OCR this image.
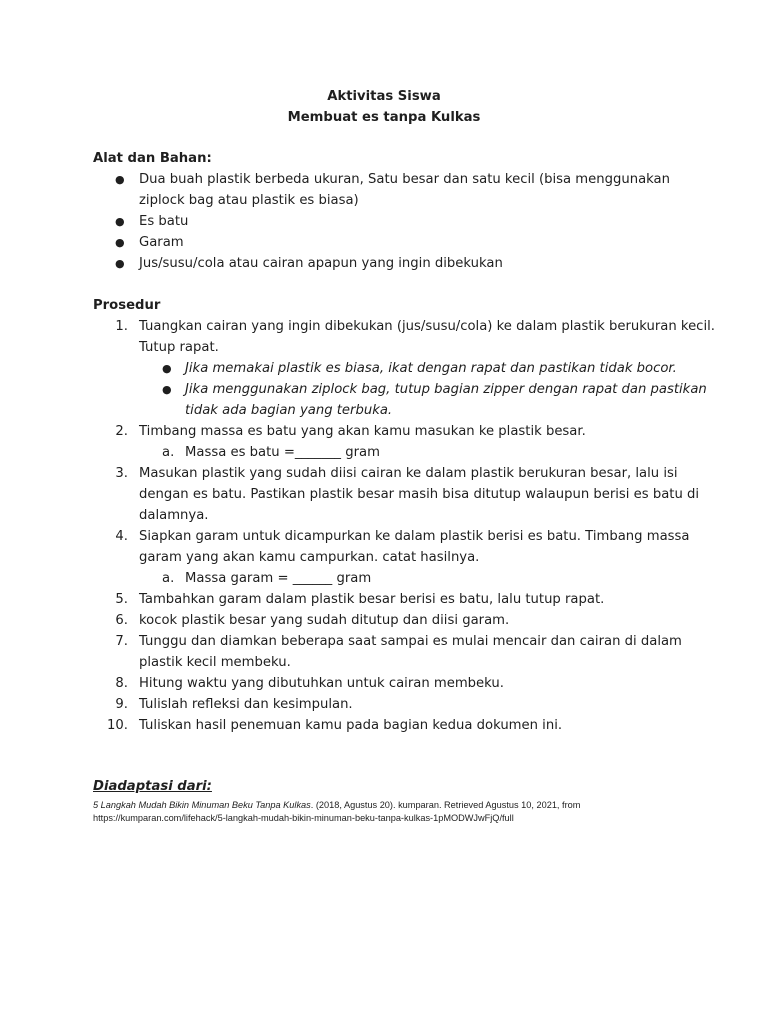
Aktivitas Siswa
Membuat es tanpa Kulkas
Alat dan Bahan:
● Dua buah plastik berbeda ukuran, Satu besar dan satu kecil (bisa menggunakan
ziplock bag atau plastik es biasa)
● Es batu
● Garam
● Jus/susu/cola atau cairan apapun yang ingin dibekukan
Prosedur
1. Tuangkan cairan yang ingin dibekukan (jus/susu/cola) ke dalam plastik berukuran kecil.
Tutup rapat.
● Jika memakai plastik es biasa, ikat dengan rapat dan pastikan tidak bocor.
● Jika menggunakan ziplock bag, tutup bagian zipper dengan rapat dan pastikan
tidak ada bagian yang terbuka.
2. Timbang massa es batu yang akan kamu masukan ke plastik besar.
a. Massa es batu =_______ gram
3. Masukan plastik yang sudah diisi cairan ke dalam plastik berukuran besar, lalu isi
dengan es batu. Pastikan plastik besar masih bisa ditutup walaupun berisi es batu di
dalamnya.
4. Siapkan garam untuk dicampurkan ke dalam plastik berisi es batu. Timbang massa
garam yang akan kamu campurkan. catat hasilnya.
a. Massa garam = ______ gram
5. Tambahkan garam dalam plastik besar berisi es batu, lalu tutup rapat.
6. kocok plastik besar yang sudah ditutup dan diisi garam.
7. Tunggu dan diamkan beberapa saat sampai es mulai mencair dan cairan di dalam
plastik kecil membeku.
8. Hitung waktu yang dibutuhkan untuk cairan membeku.
9. Tulislah refleksi dan kesimpulan.
10. Tuliskan hasil penemuan kamu pada bagian kedua dokumen ini.
Diadaptasi dari:
5 Langkah Mudah Bikin Minuman Beku Tanpa Kulkas. (2018, Agustus 20). kumparan. Retrieved Agustus 10, 2021, from
https://kumparan.com/lifehack/5-langkah-mudah-bikin-minuman-beku-tanpa-kulkas-1pMODWJwFjQ/full
